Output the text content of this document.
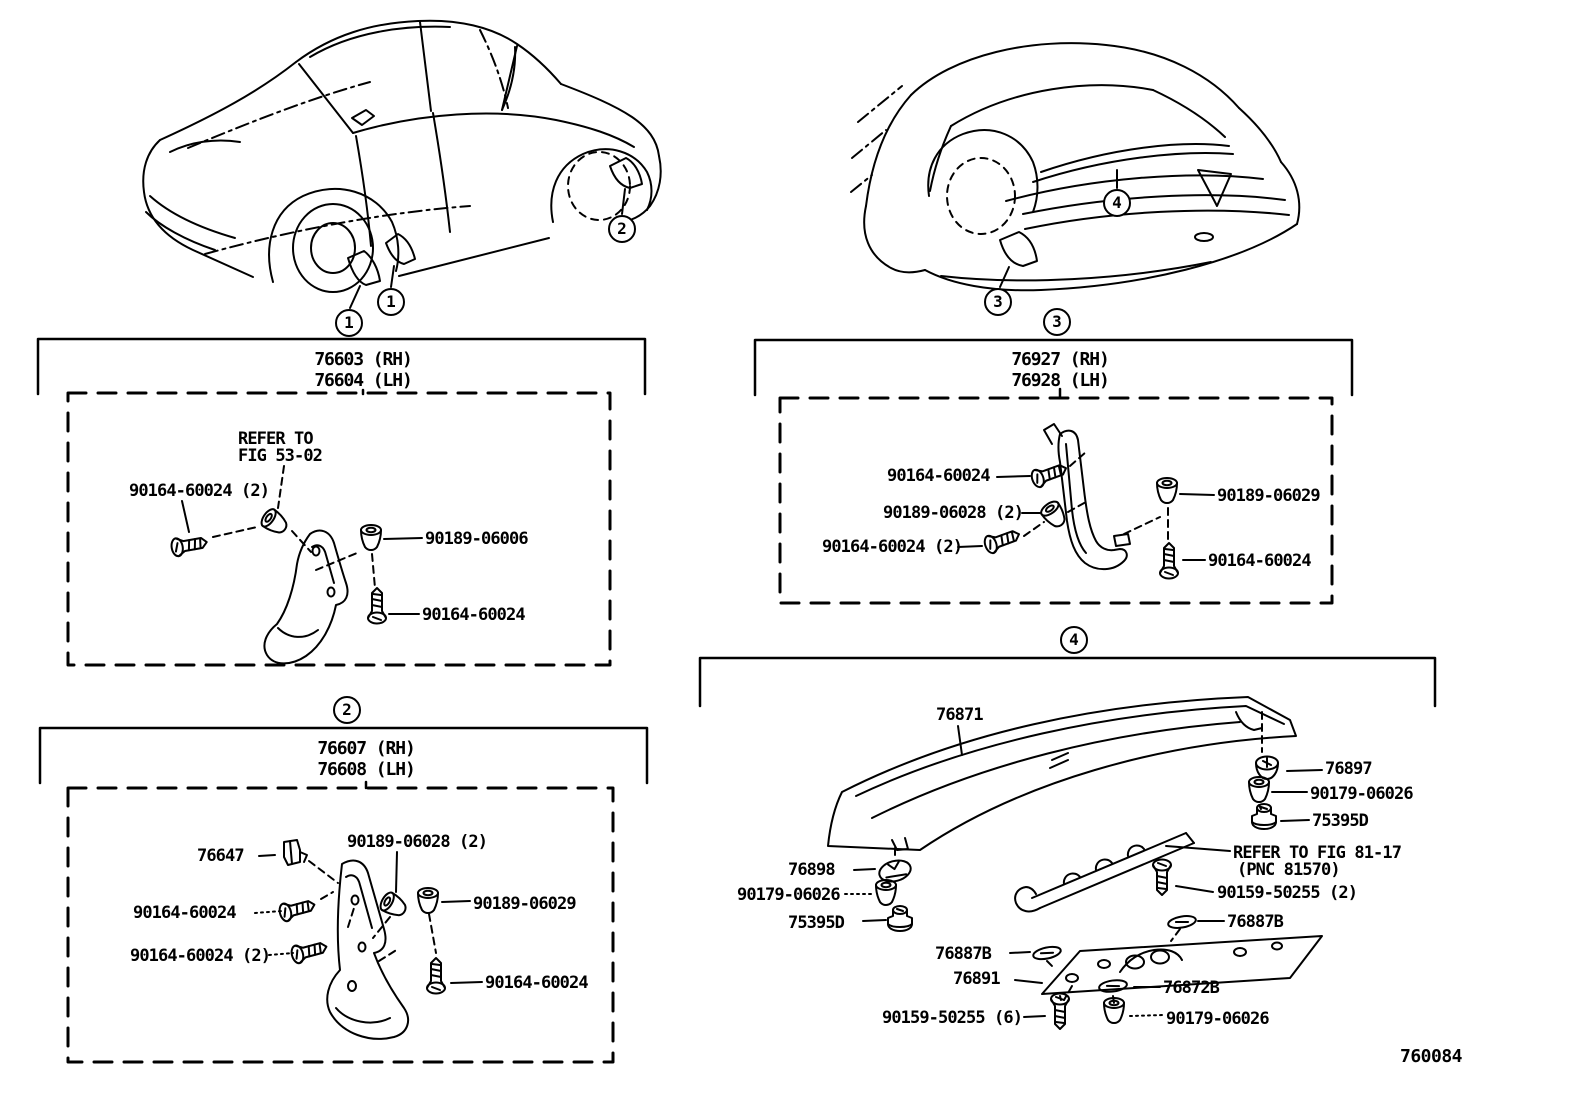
1
1
2
3
3
4
2
4
76603 (RH)
76604 (LH)
REFER TO
FIG 53-02
90164-60024 (2)
90189-06006
90164-60024
76607 (RH)
76608 (LH)
76647
90189-06028 (2)
90164-60024	90189-06029
90164-60024 (2)
90164-60024
76927 (RH)
76928 (LH)
90164-60024
90189-06028 (2)
90164-60024 (2)
90189-06029
90164-60024
76871
76897
90179-06026
75395D
REFER TO FIG 81-17
(PNC 81570)
90159-50255 (2)
76887B
76898
90179-06026
75395D
76887B
76891	76872B
90159-50255 (6)	90179-06026
760084
